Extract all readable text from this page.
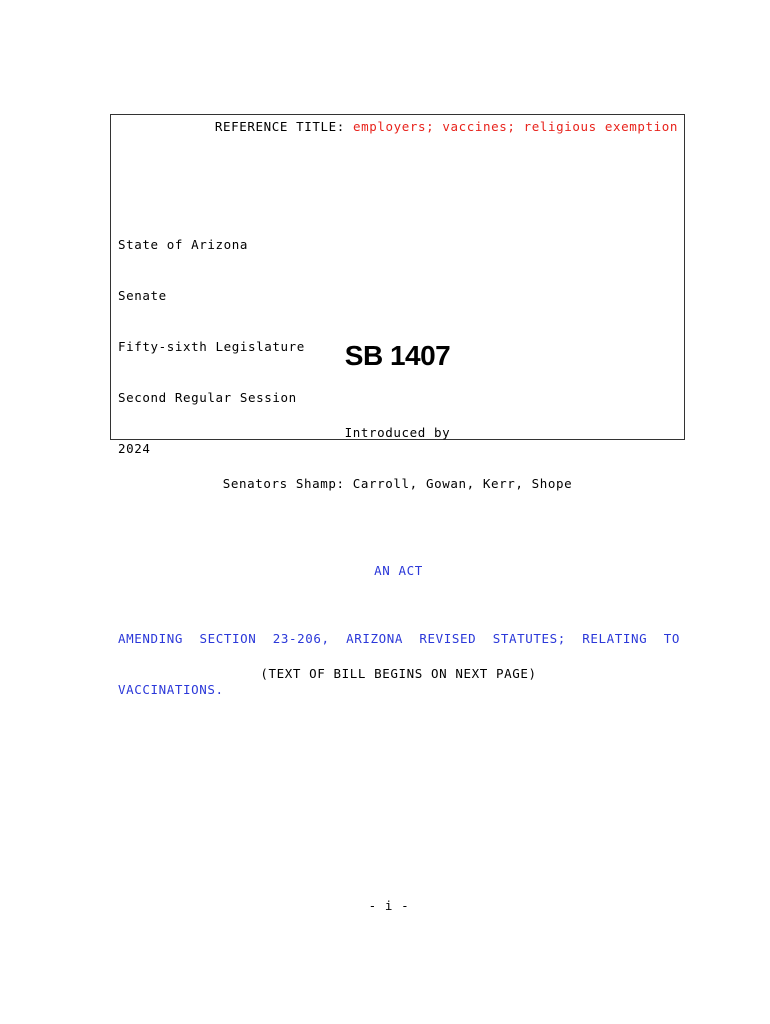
REFERENCE TITLE: employers; vaccines; religious exemption

State of Arizona

Senate

Fifty-sixth Legislature

Second Regular Session

2024

SB 1407

Introduced by

Senators Shamp: Carroll, Gowan, Kerr, Shope

AN ACT

AMENDING SECTION 23-206, ARIZONA REVISED STATUTES; RELATING TO

VACCINATIONS.

(TEXT OF BILL BEGINS ON NEXT PAGE)
- i -
